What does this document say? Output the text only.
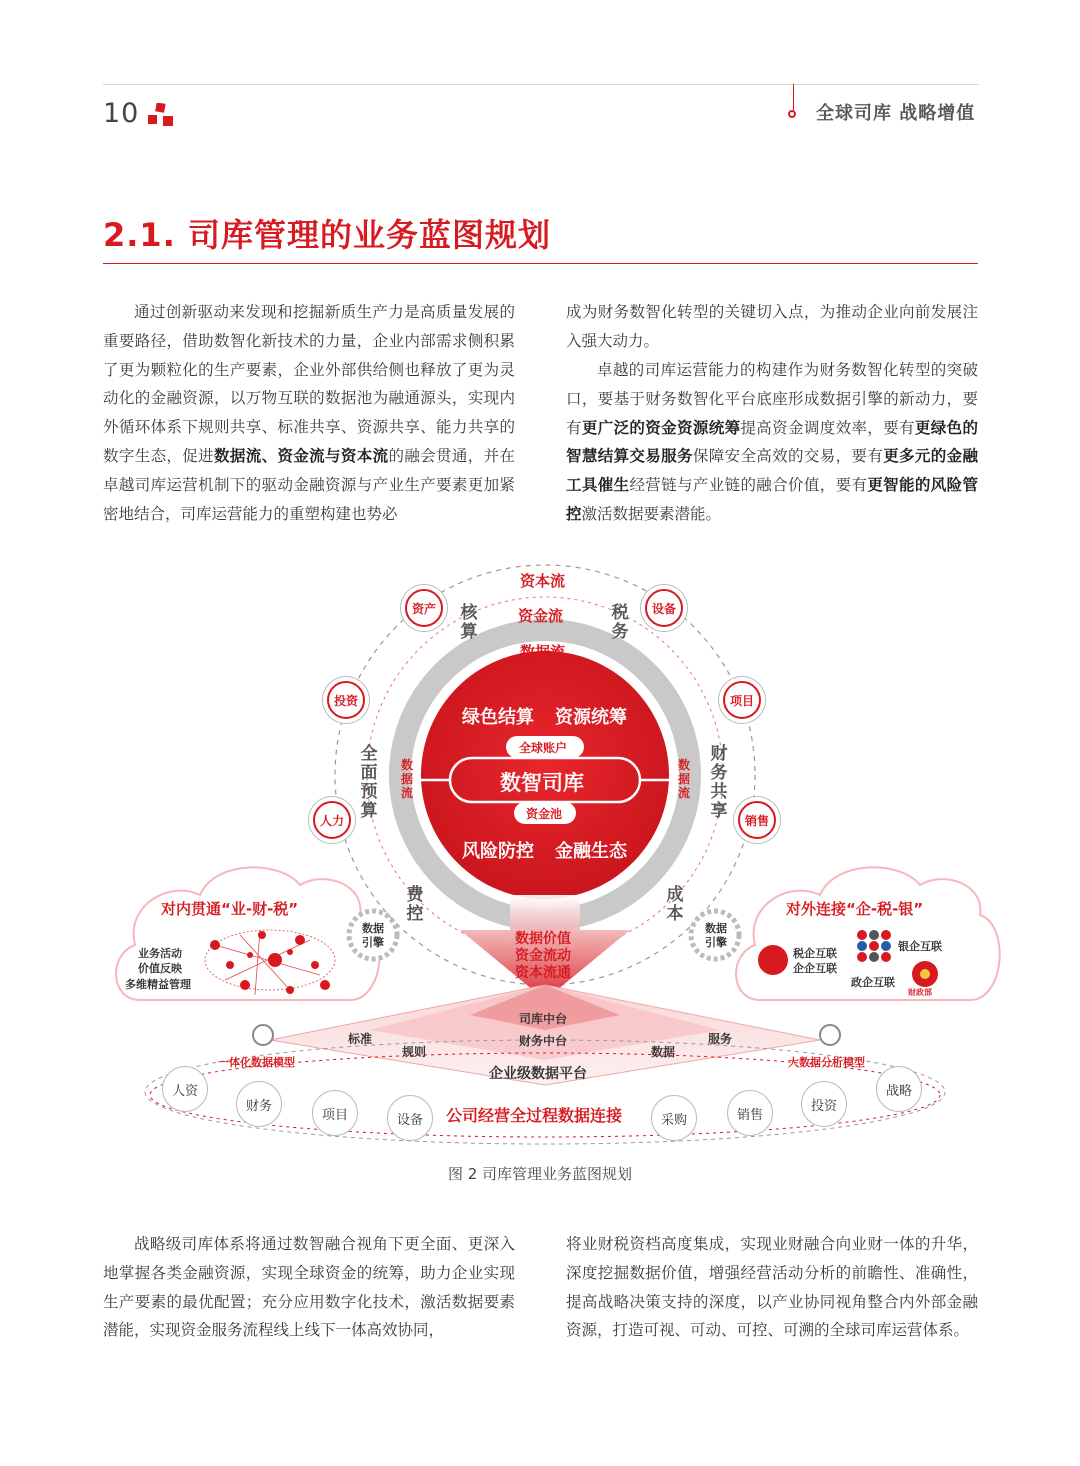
10	全球司库 战略增值
2.1. 司库管理的业务蓝图规划
通过创新驱动来发现和挖掘新质生产力是高质量发展的重要路径，借助数智化新技术的力量，企业内部需求侧积累了更为颗粒化的生产要素，企业外部供给侧也释放了更为灵动化的金融资源，以万物互联的数据池为融通源头，实现内外循环体系下规则共享、标准共享、资源共享、能力共享的数字生态，促进数据流、资金流与资本流的融会贯通，并在卓越司库运营机制下的驱动金融资源与产业生产要素更加紧密地结合，司库运营能力的重塑构建也势必
成为财务数智化转型的关键切入点，为推动企业向前发展注入强大动力。
卓越的司库运营能力的构建作为财务数智化转型的突破口，要基于财务数智化平台底座形成数据引擎的新动力，要有更广泛的资金资源统筹提高资金调度效率，要有更绿色的智慧结算交易服务保障安全高效的交易，要有更多元的金融工具催生经营链与产业链的融合价值，要有更智能的风险管控激活数据要素潜能。
资本流
资金流
数据流
核算
税务
全面预算
财务共享
费控
成本
数据流
数据流
资产	设备
投资	项目
人力	销售
绿色结算 资源统筹
全球账户
数智司库
资金池
风险防控 金融生态
数据价值
资金流动
资本流通
对内贯通“业-财-税”
业务活动
价值反映
多维精益管理
数据引擎
对外连接“企-税-银”
数据引擎
税企互联
企企互联
银企互联
政企互联
财政部
司库中台
财务中台
企业级数据平台
标准
规则
服务
数据
一体化数据模型	大数据分析模型
人资
财务
项目	设备	采购	销售
投资
战略
公司经营全过程数据连接
图 2 司库管理业务蓝图规划
战略级司库体系将通过数智融合视角下更全面、更深入地掌握各类金融资源，实现全球资金的统筹，助力企业实现生产要素的最优配置；充分应用数字化技术，激活数据要素潜能，实现资金服务流程线上线下一体高效协同，
将业财税资档高度集成，实现业财融合向业财一体的升华，深度挖掘数据价值，增强经营活动分析的前瞻性、准确性，提高战略决策支持的深度，以产业协同视角整合内外部金融资源，打造可视、可动、可控、可溯的全球司库运营体系。
